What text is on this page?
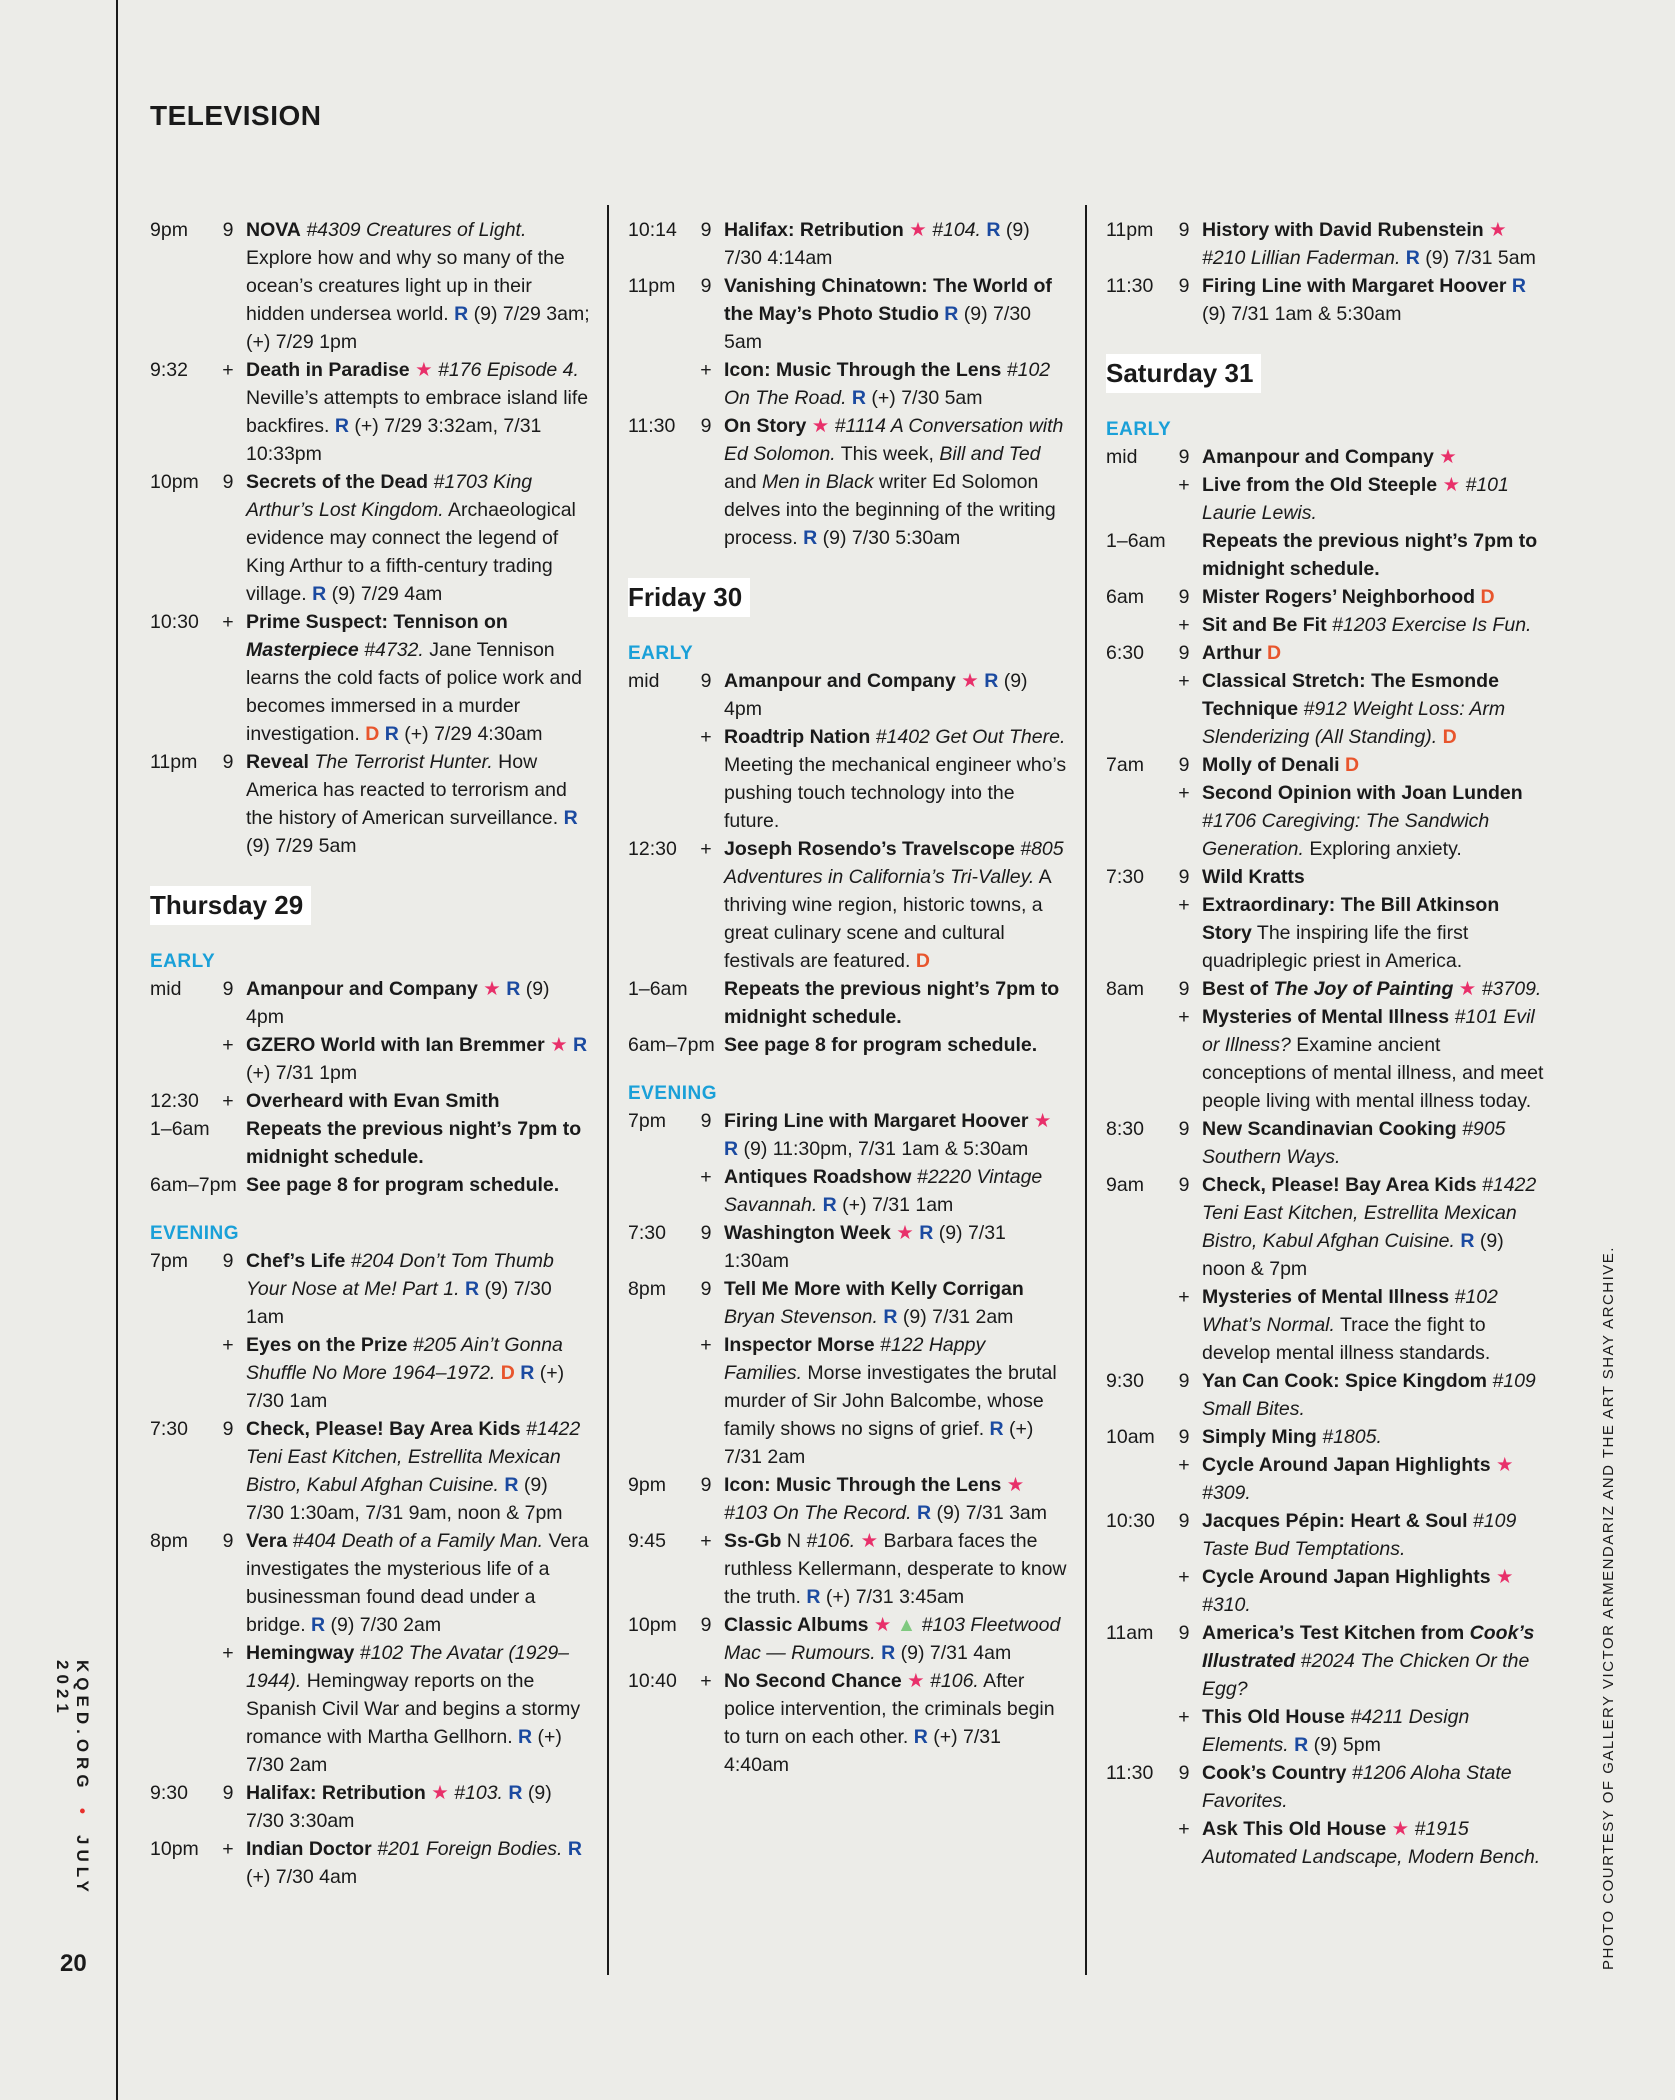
KQED.ORG • JULY 2021
20	PHOTO COURTESY OF GALLERY VICTOR ARMENDARIZ AND THE ART SHAY ARCHIVE.
TELEVISION
9pm	9 NOVA #4309 Creatures of Light. Explore how and why so many of the ocean’s creatures light up in their hidden undersea world. R (9) 7/29 3am; (+) 7/29 1pm
9:32	+ Death in Paradise ★ #176 Episode 4. Neville’s attempts to embrace island life backfires. R (+) 7/29 3:32am, 7/31 10:33pm
10pm	9 Secrets of the Dead #1703 King Arthur’s Lost Kingdom. Archaeological evidence may connect the legend of King Arthur to a fifth-century trading village. R (9) 7/29 4am
10:30	+ Prime Suspect: Tennison on Masterpiece #4732. Jane Tennison learns the cold facts of police work and becomes immersed in a murder investigation. D R (+) 7/29 4:30am
11pm	9 Reveal The Terrorist Hunter. How America has reacted to terrorism and the history of American surveillance. R (9) 7/29 5am
Thursday 29
EARLY
mid	9 Amanpour and Company ★ R (9) 4pm
+ GZERO World with Ian Bremmer ★ R (+) 7/31 1pm
12:30	+ Overheard with Evan Smith
1–6am Repeats the previous night’s 7pm to midnight schedule.
6am–7pm See page 8 for program schedule.
EVENING
7pm	9 Chef’s Life #204 Don’t Tom Thumb Your Nose at Me! Part 1. R (9) 7/30 1am
+ Eyes on the Prize #205 Ain’t Gonna Shuffle No More 1964–1972. D R (+) 7/30 1am
7:30	9 Check, Please! Bay Area Kids #1422 Teni East Kitchen, Estrellita Mexican Bistro, Kabul Afghan Cuisine. R (9) 7/30 1:30am, 7/31 9am, noon & 7pm
8pm	9 Vera #404 Death of a Family Man. Vera investigates the mysterious life of a businessman found dead under a bridge. R (9) 7/30 2am
+ Hemingway #102 The Avatar (1929–1944). Hemingway reports on the Spanish Civil War and begins a stormy romance with Martha Gellhorn. R (+) 7/30 2am
9:30	9 Halifax: Retribution ★ #103. R (9) 7/30 3:30am
10pm	+ Indian Doctor #201 Foreign Bodies. R (+) 7/30 4am
10:14	9 Halifax: Retribution ★ #104. R (9) 7/30 4:14am
11pm	9 Vanishing Chinatown: The World of the May’s Photo Studio R (9) 7/30 5am
+ Icon: Music Through the Lens #102 On The Road. R (+) 7/30 5am
11:30	9 On Story ★ #1114 A Conversation with Ed Solomon. This week, Bill and Ted and Men in Black writer Ed Solomon delves into the beginning of the writing process. R (9) 7/30 5:30am
Friday 30
EARLY
mid	9 Amanpour and Company ★ R (9) 4pm
+ Roadtrip Nation #1402 Get Out There. Meeting the mechanical engineer who’s pushing touch technology into the future.
12:30	+ Joseph Rosendo’s Travelscope #805 Adventures in California’s Tri-Valley. A thriving wine region, historic towns, a great culinary scene and cultural festivals are featured. D
1–6am Repeats the previous night’s 7pm to midnight schedule.
6am–7pm See page 8 for program schedule.
EVENING
7pm	9 Firing Line with Margaret Hoover ★ R (9) 11:30pm, 7/31 1am & 5:30am
+ Antiques Roadshow #2220 Vintage Savannah. R (+) 7/31 1am
7:30	9 Washington Week ★ R (9) 7/31 1:30am
8pm	9 Tell Me More with Kelly Corrigan Bryan Stevenson. R (9) 7/31 2am
+ Inspector Morse #122 Happy Families. Morse investigates the brutal murder of Sir John Balcombe, whose family shows no signs of grief. R (+) 7/31 2am
9pm	9 Icon: Music Through the Lens ★ #103 On The Record. R (9) 7/31 3am
9:45	+ Ss-Gb N #106. ★ Barbara faces the ruthless Kellermann, desperate to know the truth. R (+) 7/31 3:45am
10pm	9 Classic Albums ★ ▲ #103 Fleetwood Mac — Rumours. R (9) 7/31 4am
10:40	+ No Second Chance ★ #106. After police intervention, the criminals begin to turn on each other. R (+) 7/31 4:40am
11pm	9 History with David Rubenstein ★ #210 Lillian Faderman. R (9) 7/31 5am
11:30	9 Firing Line with Margaret Hoover R (9) 7/31 1am & 5:30am
Saturday 31
EARLY
mid	9 Amanpour and Company ★
+ Live from the Old Steeple ★ #101 Laurie Lewis.
1–6am Repeats the previous night’s 7pm to midnight schedule.
6am	9 Mister Rogers’ Neighborhood D
+ Sit and Be Fit #1203 Exercise Is Fun.
6:30	9 Arthur D
+ Classical Stretch: The Esmonde Technique #912 Weight Loss: Arm Slenderizing (All Standing). D
7am	9 Molly of Denali D
+ Second Opinion with Joan Lunden #1706 Caregiving: The Sandwich Generation. Exploring anxiety.
7:30	9 Wild Kratts
+ Extraordinary: The Bill Atkinson Story The inspiring life the first quadriplegic priest in America.
8am	9 Best of The Joy of Painting ★ #3709.
+ Mysteries of Mental Illness #101 Evil or Illness? Examine ancient conceptions of mental illness, and meet people living with mental illness today.
8:30	9 New Scandinavian Cooking #905 Southern Ways.
9am	9 Check, Please! Bay Area Kids #1422 Teni East Kitchen, Estrellita Mexican Bistro, Kabul Afghan Cuisine. R (9) noon & 7pm
+ Mysteries of Mental Illness #102 What’s Normal. Trace the fight to develop mental illness standards.
9:30	9 Yan Can Cook: Spice Kingdom #109 Small Bites.
10am	9 Simply Ming #1805.
+ Cycle Around Japan Highlights ★ #309.
10:30	9 Jacques Pépin: Heart & Soul #109 Taste Bud Temptations.
+ Cycle Around Japan Highlights ★ #310.
11am	9 America’s Test Kitchen from Cook’s Illustrated #2024 The Chicken Or the Egg?
+ This Old House #4211 Design Elements. R (9) 5pm
11:30	9 Cook’s Country #1206 Aloha State Favorites.
+ Ask This Old House ★ #1915 Automated Landscape, Modern Bench.
